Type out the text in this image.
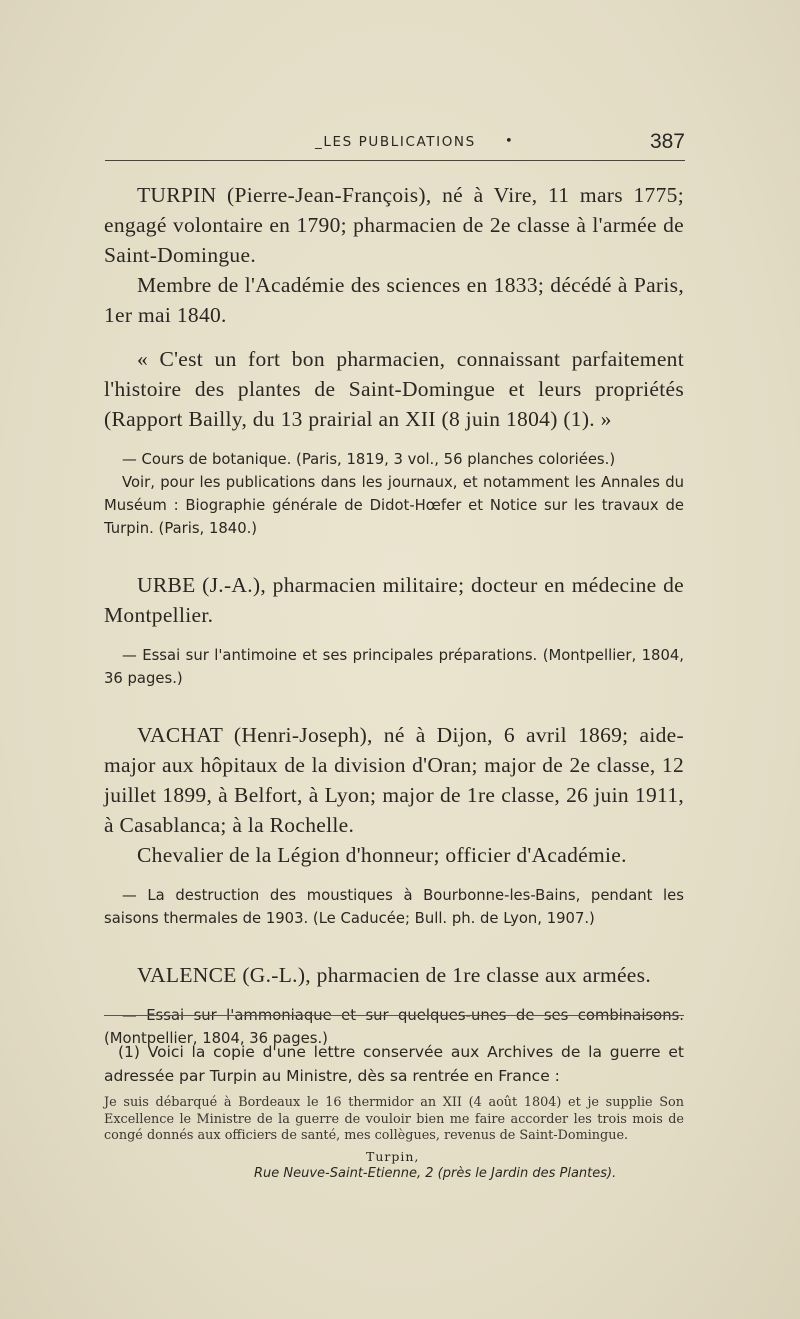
_LES PUBLICATIONS •	387

TURPIN (Pierre-Jean-François), né à Vire, 11 mars 1775; engagé volontaire en 1790; pharmacien de 2e classe à l'armée de Saint-Domingue.

Membre de l'Académie des sciences en 1833; décédé à Paris, 1er mai 1840.

« C'est un fort bon pharmacien, connaissant parfaitement l'histoire des plantes de Saint-Domingue et leurs propriétés (Rapport Bailly, du 13 prairial an XII (8 juin 1804) (1). »

— Cours de botanique. (Paris, 1819, 3 vol., 56 planches coloriées.)

Voir, pour les publications dans les journaux, et notamment les Annales du Muséum : Biographie générale de Didot-Hœfer et Notice sur les travaux de Turpin. (Paris, 1840.)

URBE (J.-A.), pharmacien militaire; docteur en médecine de Montpellier.

— Essai sur l'antimoine et ses principales préparations. (Montpellier, 1804, 36 pages.)

VACHAT (Henri-Joseph), né à Dijon, 6 avril 1869; aide-major aux hôpitaux de la division d'Oran; major de 2e classe, 12 juillet 1899, à Belfort, à Lyon; major de 1re classe, 26 juin 1911, à Casablanca; à la Rochelle.

Chevalier de la Légion d'honneur; officier d'Académie.

— La destruction des moustiques à Bourbonne-les-Bains, pendant les saisons thermales de 1903. (Le Caducée; Bull. ph. de Lyon, 1907.)

VALENCE (G.-L.), pharmacien de 1re classe aux armées.

— Essai sur l'ammoniaque et sur quelques-unes de ses combinaisons. (Montpellier, 1804, 36 pages.)

(1) Voici la copie d'une lettre conservée aux Archives de la guerre et adressée par Turpin au Ministre, dès sa rentrée en France :

Je suis débarqué à Bordeaux le 16 thermidor an XII (4 août 1804) et je supplie Son Excellence le Ministre de la guerre de vouloir bien me faire accorder les trois mois de congé donnés aux officiers de santé, mes collègues, revenus de Saint-Domingue.

Turpin,

Rue Neuve-Saint-Etienne, 2 (près le Jardin des Plantes).
